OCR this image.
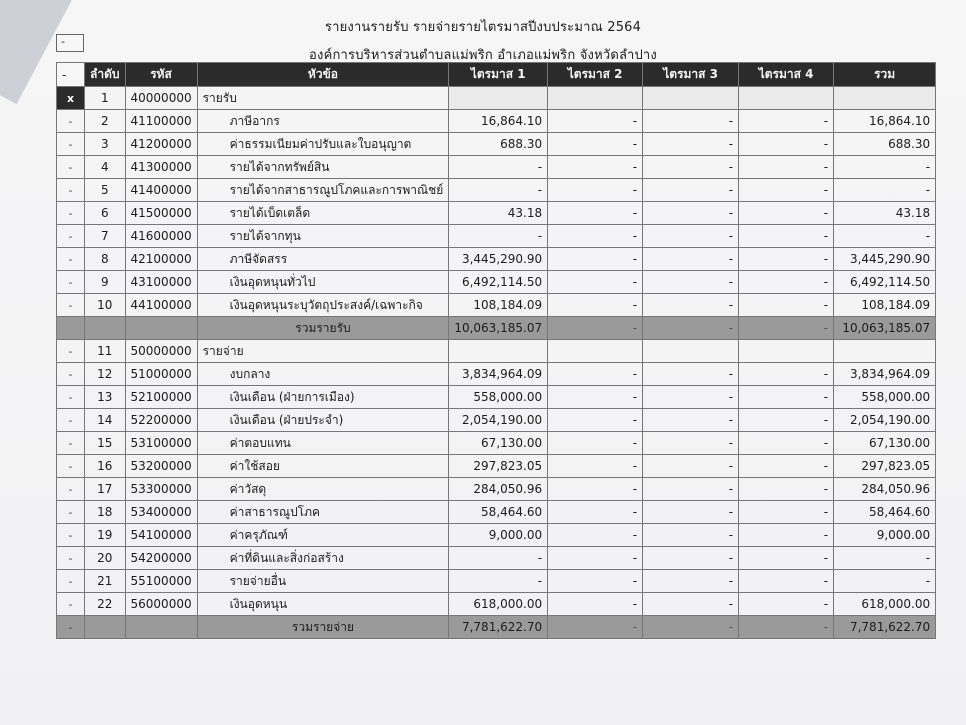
รายงานรายรับ รายจ่ายรายไตรมาสปีงบประมาณ 2564
องค์การบริหารส่วนตำบลแม่พริก อำเภอแม่พริก จังหวัดลำปาง
-
-	ลำดับ	รหัส	หัวข้อ	ไตรมาส 1	ไตรมาส 2	ไตรมาส 3	ไตรมาส 4	รวม
x	1	40000000	รายรับ					
-	2	41100000	ภาษีอากร	16,864.10	-	-	-	16,864.10
-	3	41200000	ค่าธรรมเนียมค่าปรับและใบอนุญาต	688.30	-	-	-	688.30
-	4	41300000	รายได้จากทรัพย์สิน	-	-	-	-	-
-	5	41400000	รายได้จากสาธารณูปโภคและการพาณิชย์	-	-	-	-	-
-	6	41500000	รายได้เบ็ดเตล็ด	43.18	-	-	-	43.18
-	7	41600000	รายได้จากทุน	-	-	-	-	-
-	8	42100000	ภาษีจัดสรร	3,445,290.90	-	-	-	3,445,290.90
-	9	43100000	เงินอุดหนุนทั่วไป	6,492,114.50	-	-	-	6,492,114.50
-	10	44100000	เงินอุดหนุนระบุวัตถุประสงค์/เฉพาะกิจ	108,184.09	-	-	-	108,184.09
			รวมรายรับ	10,063,185.07	-	-	-	10,063,185.07
-	11	50000000	รายจ่าย					
-	12	51000000	งบกลาง	3,834,964.09	-	-	-	3,834,964.09
-	13	52100000	เงินเดือน (ฝ่ายการเมือง)	558,000.00	-	-	-	558,000.00
-	14	52200000	เงินเดือน (ฝ่ายประจำ)	2,054,190.00	-	-	-	2,054,190.00
-	15	53100000	ค่าตอบแทน	67,130.00	-	-	-	67,130.00
-	16	53200000	ค่าใช้สอย	297,823.05	-	-	-	297,823.05
-	17	53300000	ค่าวัสดุ	284,050.96	-	-	-	284,050.96
-	18	53400000	ค่าสาธารณูปโภค	58,464.60	-	-	-	58,464.60
-	19	54100000	ค่าครุภัณฑ์	9,000.00	-	-	-	9,000.00
-	20	54200000	ค่าที่ดินและสิ่งก่อสร้าง	-	-	-	-	-
-	21	55100000	รายจ่ายอื่น	-	-	-	-	-
-	22	56000000	เงินอุดหนุน	618,000.00	-	-	-	618,000.00
-			รวมรายจ่าย	7,781,622.70	-	-	-	7,781,622.70
